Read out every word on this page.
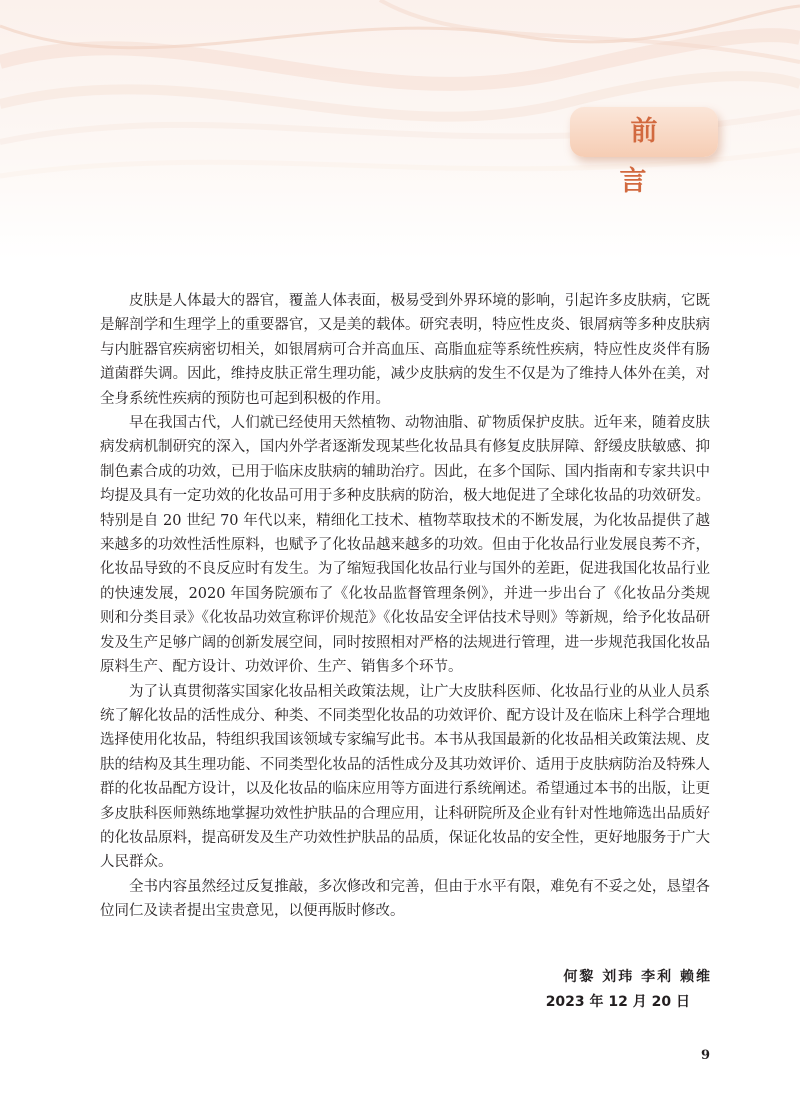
前 言

皮肤是人体最大的器官，覆盖人体表面，极易受到外界环境的影响，引起许多皮肤病，它既是解剖学和生理学上的重要器官，又是美的载体。研究表明，特应性皮炎、银屑病等多种皮肤病与内脏器官疾病密切相关，如银屑病可合并高血压、高脂血症等系统性疾病，特应性皮炎伴有肠道菌群失调。因此，维持皮肤正常生理功能，减少皮肤病的发生不仅是为了维持人体外在美，对全身系统性疾病的预防也可起到积极的作用。

早在我国古代，人们就已经使用天然植物、动物油脂、矿物质保护皮肤。近年来，随着皮肤病发病机制研究的深入，国内外学者逐渐发现某些化妆品具有修复皮肤屏障、舒缓皮肤敏感、抑制色素合成的功效，已用于临床皮肤病的辅助治疗。因此，在多个国际、国内指南和专家共识中均提及具有一定功效的化妆品可用于多种皮肤病的防治，极大地促进了全球化妆品的功效研发。特别是自 20 世纪 70 年代以来，精细化工技术、植物萃取技术的不断发展，为化妆品提供了越来越多的功效性活性原料，也赋予了化妆品越来越多的功效。但由于化妆品行业发展良莠不齐，化妆品导致的不良反应时有发生。为了缩短我国化妆品行业与国外的差距，促进我国化妆品行业的快速发展，2020 年国务院颁布了《化妆品监督管理条例》，并进一步出台了《化妆品分类规则和分类目录》《化妆品功效宣称评价规范》《化妆品安全评估技术导则》等新规，给予化妆品研发及生产足够广阔的创新发展空间，同时按照相对严格的法规进行管理，进一步规范我国化妆品原料生产、配方设计、功效评价、生产、销售多个环节。

为了认真贯彻落实国家化妆品相关政策法规，让广大皮肤科医师、化妆品行业的从业人员系统了解化妆品的活性成分、种类、不同类型化妆品的功效评价、配方设计及在临床上科学合理地选择使用化妆品，特组织我国该领域专家编写此书。本书从我国最新的化妆品相关政策法规、皮肤的结构及其生理功能、不同类型化妆品的活性成分及其功效评价、适用于皮肤病防治及特殊人群的化妆品配方设计，以及化妆品的临床应用等方面进行系统阐述。希望通过本书的出版，让更多皮肤科医师熟练地掌握功效性护肤品的合理应用，让科研院所及企业有针对性地筛选出品质好的化妆品原料，提高研发及生产功效性护肤品的品质，保证化妆品的安全性，更好地服务于广大人民群众。

全书内容虽然经过反复推敲，多次修改和完善，但由于水平有限，难免有不妥之处，恳望各位同仁及读者提出宝贵意见，以便再版时修改。

何黎 刘玮 李利 赖维
2023 年 12 月 20 日
9
